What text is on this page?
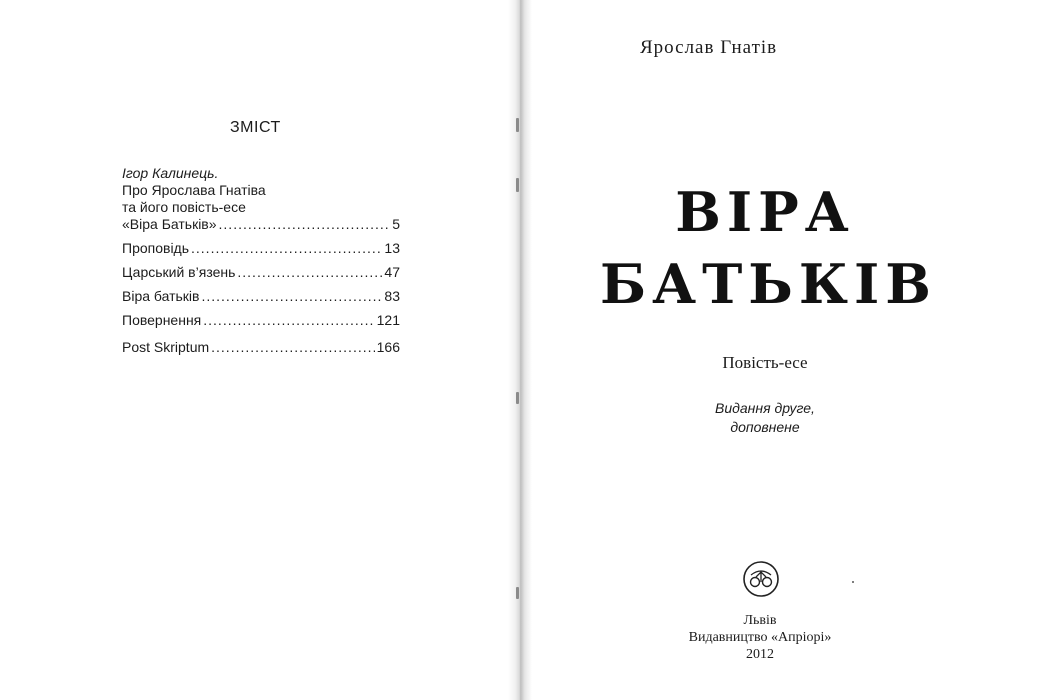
ЗМІСТ
Ігор Калинець.
Про Ярослава Гнатіва
та його повість-есе
«Віра Батьків» .....	5
Проповідь .....	13
Царський в’язень .....	47
Віра батьків .....	83
Повернення .....	121
Post Skriptum .....	166
Ярослав Гнатів
ВІРА
БАТЬКІВ
Повість-есе
Видання друге,
доповнене
Львів
Видавництво «Апріорі»
2012
